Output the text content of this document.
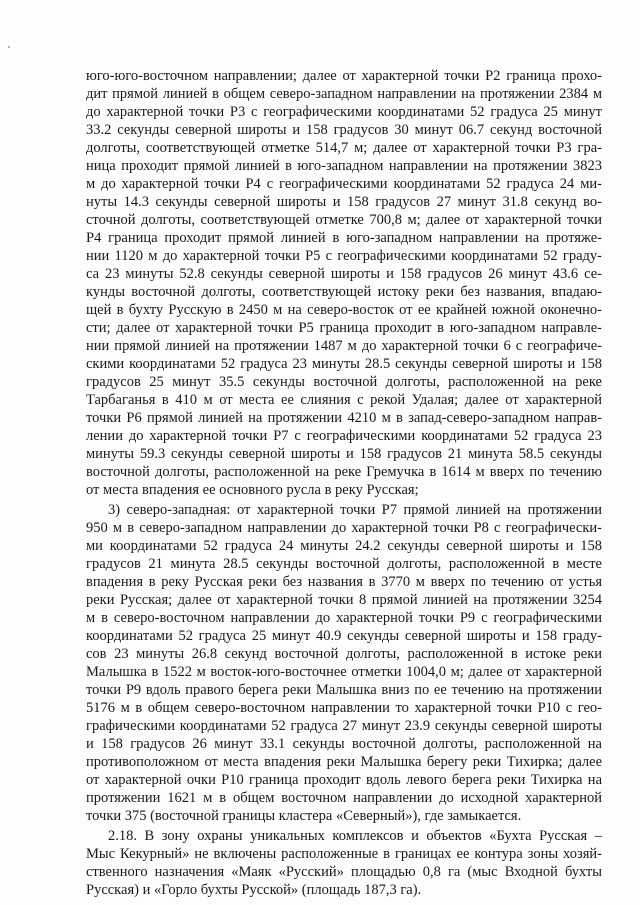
юго-юго-восточном направлении; далее от характерной точки Р2 граница прохо-
дит прямой линией в общем северо-западном направлении на протяжении 2384 м
до характерной точки Р3 с географическими координатами 52 градуса 25 минут
33.2 секунды северной широты и 158 градусов 30 минут 06.7 секунд восточной
долготы, соответствующей отметке 514,7 м; далее от характерной точки Р3 гра-
ница проходит прямой линией в юго-западном направлении на протяжении 3823
м до характерной точки Р4 с географическими координатами 52 градуса 24 ми-
нуты 14.3 секунды северной широты и 158 градусов 27 минут 31.8 секунд во-
сточной долготы, соответствующей отметке 700,8 м; далее от характерной точки
Р4 граница проходит прямой линией в юго-западном направлении на протяже-
нии 1120 м до характерной точки Р5 с географическими координатами 52 граду-
са 23 минуты 52.8 секунды северной широты и 158 градусов 26 минут 43.6 се-
кунды восточной долготы, соответствующей истоку реки без названия, впадаю-
щей в бухту Русскую в 2450 м на северо-восток от ее крайней южной оконечно-
сти; далее от характерной точки Р5 граница проходит в юго-западном направле-
нии прямой линией на протяжении 1487 м до характерной точки 6 с географиче-
скими координатами 52 градуса 23 минуты 28.5 секунды северной широты и 158
градусов 25 минут 35.5 секунды восточной долготы, расположенной на реке
Тарбаганья в 410 м от места ее слияния с рекой Удалая; далее от характерной
точки Р6 прямой линией на протяжении 4210 м в запад-северо-западном направ-
лении до характерной точки Р7 с географическими координатами 52 градуса 23
минуты 59.3 секунды северной широты и 158 градусов 21 минута 58.5 секунды
восточной долготы, расположенной на реке Гремучка в 1614 м вверх по течению
от места впадения ее основного русла в реку Русская;
3) северо-западная: от характерной точки Р7 прямой линией на протяжении
950 м в северо-западном направлении до характерной точки Р8 с географически-
ми координатами 52 градуса 24 минуты 24.2 секунды северной широты и 158
градусов 21 минута 28.5 секунды восточной долготы, расположенной в месте
впадения в реку Русская реки без названия в 3770 м вверх по течению от устья
реки Русская; далее от характерной точки 8 прямой линией на протяжении 3254
м в северо-восточном направлении до характерной точки Р9 с географическими
координатами 52 градуса 25 минут 40.9 секунды северной широты и 158 граду-
сов 23 минуты 26.8 секунд восточной долготы, расположенной в истоке реки
Малышка в 1522 м восток-юго-восточнее отметки 1004,0 м; далее от характерной
точки Р9 вдоль правого берега реки Малышка вниз по ее течению на протяжении
5176 м в общем северо-восточном направлении то характерной точки Р10 с гео-
графическими координатами 52 градуса 27 минут 23.9 секунды северной широты
и 158 градусов 26 минут 33.1 секунды восточной долготы, расположенной на
противоположном от места впадения реки Малышка берегу реки Тихирка; далее
от характерной очки Р10 граница проходит вдоль левого берега реки Тихирка на
протяжении 1621 м в общем восточном направлении до исходной характерной
точки 375 (восточной границы кластера «Северный»), где замыкается.
2.18. В зону охраны уникальных комплексов и объектов «Бухта Русская –
Мыс Кекурный» не включены расположенные в границах ее контура зоны хозяй-
ственного назначения «Маяк «Русский» площадью 0,8 га (мыс Входной бухты
Русская) и «Горло бухты Русской» (площадь 187,3 га).
